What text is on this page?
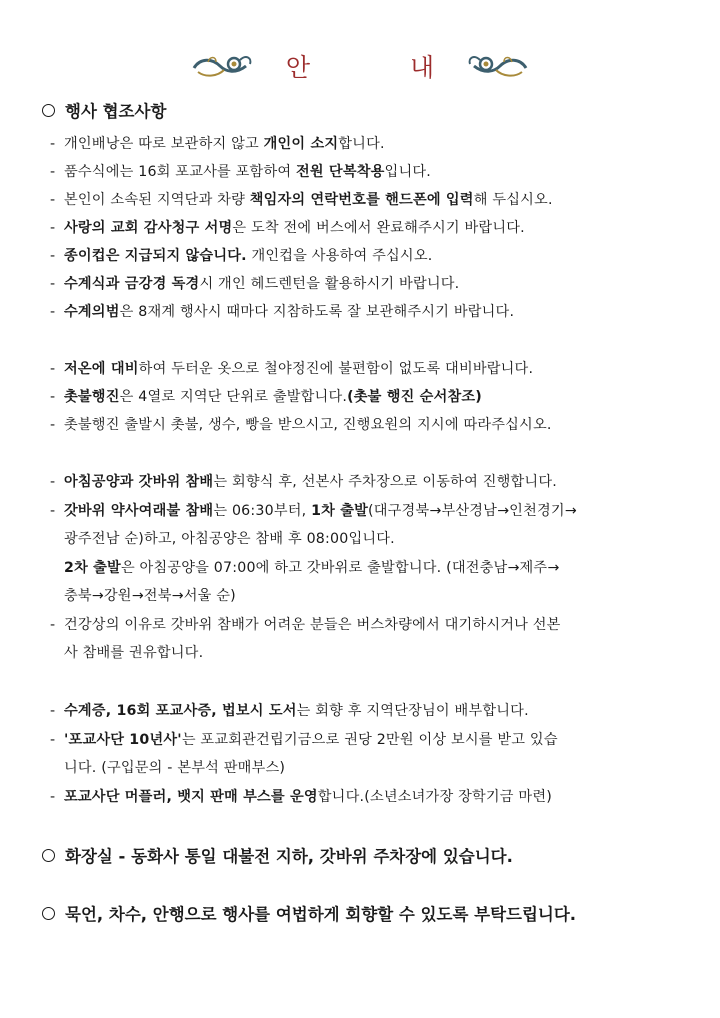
안 내
행사 협조사항
- 개인배낭은 따로 보관하지 않고 개인이 소지합니다.
- 품수식에는 16회 포교사를 포함하여 전원 단복착용입니다.
- 본인이 소속된 지역단과 차량 책임자의 연락번호를 핸드폰에 입력해 두십시오.
- 사랑의 교회 감사청구 서명은 도착 전에 버스에서 완료해주시기 바랍니다.
- 종이컵은 지급되지 않습니다. 개인컵을 사용하여 주십시오.
- 수계식과 금강경 독경시 개인 헤드렌턴을 활용하시기 바랍니다.
- 수계의범은 8재계 행사시 때마다 지참하도록 잘 보관해주시기 바랍니다.
- 저온에 대비하여 두터운 옷으로 철야정진에 불편함이 없도록 대비바랍니다.
- 촛불행진은 4열로 지역단 단위로 출발합니다.(촛불 행진 순서참조)
- 촛불행진 출발시 촛불, 생수, 빵을 받으시고, 진행요원의 지시에 따라주십시오.
- 아침공양과 갓바위 참배는 회향식 후, 선본사 주차장으로 이동하여 진행합니다.
- 갓바위 약사여래불 참배는 06:30부터, 1차 출발(대구경북→부산경남→인천경기→
광주전남 순)하고, 아침공양은 참배 후 08:00입니다.
2차 출발은 아침공양을 07:00에 하고 갓바위로 출발합니다. (대전충남→제주→
충북→강원→전북→서울 순)
- 건강상의 이유로 갓바위 참배가 어려운 분들은 버스차량에서 대기하시거나 선본
사 참배를 권유합니다.
- 수계증, 16회 포교사증, 법보시 도서는 회향 후 지역단장님이 배부합니다.
- '포교사단 10년사'는 포교회관건립기금으로 권당 2만원 이상 보시를 받고 있습
니다. (구입문의 - 본부석 판매부스)
- 포교사단 머플러, 뱃지 판매 부스를 운영합니다.(소년소녀가장 장학기금 마련)
화장실 - 동화사 통일 대불전 지하, 갓바위 주차장에 있습니다.
묵언, 차수, 안행으로 행사를 여법하게 회향할 수 있도록 부탁드립니다.
